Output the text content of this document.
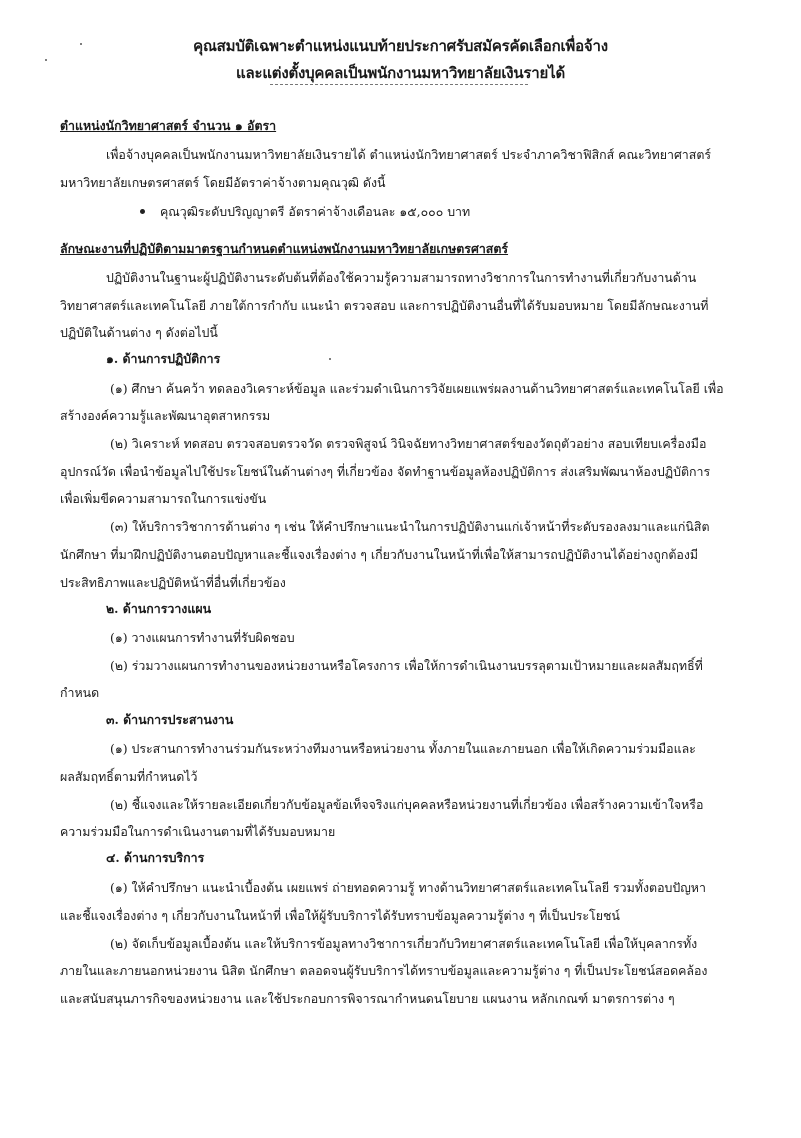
คุณสมบัติเฉพาะตำแหน่งแนบท้ายประกาศรับสมัครคัดเลือกเพื่อจ้าง
และแต่งตั้งบุคคลเป็นพนักงานมหาวิทยาลัยเงินรายได้
ตำแหน่งนักวิทยาศาสตร์ จำนวน ๑ อัตรา
เพื่อจ้างบุคคลเป็นพนักงานมหาวิทยาลัยเงินรายได้ ตำแหน่งนักวิทยาศาสตร์ ประจำภาควิชาฟิสิกส์ คณะวิทยาศาสตร์
มหาวิทยาลัยเกษตรศาสตร์ โดยมีอัตราค่าจ้างตามคุณวุฒิ ดังนี้
คุณวุฒิระดับปริญญาตรี อัตราค่าจ้างเดือนละ ๑๕,๐๐๐ บาท
ลักษณะงานที่ปฏิบัติตามมาตรฐานกำหนดตำแหน่งพนักงานมหาวิทยาลัยเกษตรศาสตร์
ปฏิบัติงานในฐานะผู้ปฏิบัติงานระดับต้นที่ต้องใช้ความรู้ความสามารถทางวิชาการในการทำงานที่เกี่ยวกับงานด้าน
วิทยาศาสตร์และเทคโนโลยี ภายใต้การกำกับ แนะนำ ตรวจสอบ และการปฏิบัติงานอื่นที่ได้รับมอบหมาย โดยมีลักษณะงานที่
ปฏิบัติในด้านต่าง ๆ ดังต่อไปนี้
๑. ด้านการปฏิบัติการ
(๑) ศึกษา ค้นคว้า ทดลองวิเคราะห์ข้อมูล และร่วมดำเนินการวิจัยเผยแพร่ผลงานด้านวิทยาศาสตร์และเทคโนโลยี เพื่อ
สร้างองค์ความรู้และพัฒนาอุตสาหกรรม
(๒) วิเคราะห์ ทดสอบ ตรวจสอบตรวจวัด ตรวจพิสูจน์ วินิจฉัยทางวิทยาศาสตร์ของวัตถุตัวอย่าง สอบเทียบเครื่องมือ
อุปกรณ์วัด เพื่อนำข้อมูลไปใช้ประโยชน์ในด้านต่างๆ ที่เกี่ยวข้อง จัดทำฐานข้อมูลห้องปฏิบัติการ ส่งเสริมพัฒนาห้องปฏิบัติการ
เพื่อเพิ่มขีดความสามารถในการแข่งขัน
(๓) ให้บริการวิชาการด้านต่าง ๆ เช่น ให้คำปรึกษาแนะนำในการปฏิบัติงานแก่เจ้าหน้าที่ระดับรองลงมาและแก่นิสิต
นักศึกษา ที่มาฝึกปฏิบัติงานตอบปัญหาและชี้แจงเรื่องต่าง ๆ เกี่ยวกับงานในหน้าที่เพื่อให้สามารถปฏิบัติงานได้อย่างถูกต้องมี
ประสิทธิภาพและปฏิบัติหน้าที่อื่นที่เกี่ยวข้อง
๒. ด้านการวางแผน
(๑) วางแผนการทำงานที่รับผิดชอบ
(๒) ร่วมวางแผนการทำงานของหน่วยงานหรือโครงการ เพื่อให้การดำเนินงานบรรลุตามเป้าหมายและผลสัมฤทธิ์ที่
กำหนด
๓. ด้านการประสานงาน
(๑) ประสานการทำงานร่วมกันระหว่างทีมงานหรือหน่วยงาน ทั้งภายในและภายนอก เพื่อให้เกิดความร่วมมือและ
ผลสัมฤทธิ์ตามที่กำหนดไว้
(๒) ชี้แจงและให้รายละเอียดเกี่ยวกับข้อมูลข้อเท็จจริงแก่บุคคลหรือหน่วยงานที่เกี่ยวข้อง เพื่อสร้างความเข้าใจหรือ
ความร่วมมือในการดำเนินงานตามที่ได้รับมอบหมาย
๔. ด้านการบริการ
(๑) ให้คำปรึกษา แนะนำเบื้องต้น เผยแพร่ ถ่ายทอดความรู้ ทางด้านวิทยาศาสตร์และเทคโนโลยี รวมทั้งตอบปัญหา
และชี้แจงเรื่องต่าง ๆ เกี่ยวกับงานในหน้าที่ เพื่อให้ผู้รับบริการได้รับทราบข้อมูลความรู้ต่าง ๆ ที่เป็นประโยชน์
(๒) จัดเก็บข้อมูลเบื้องต้น และให้บริการข้อมูลทางวิชาการเกี่ยวกับวิทยาศาสตร์และเทคโนโลยี เพื่อให้บุคลากรทั้ง
ภายในและภายนอกหน่วยงาน นิสิต นักศึกษา ตลอดจนผู้รับบริการได้ทราบข้อมูลและความรู้ต่าง ๆ ที่เป็นประโยชน์สอดคล้อง
และสนับสนุนภารกิจของหน่วยงาน และใช้ประกอบการพิจารณากำหนดนโยบาย แผนงาน หลักเกณฑ์ มาตรการต่าง ๆ
